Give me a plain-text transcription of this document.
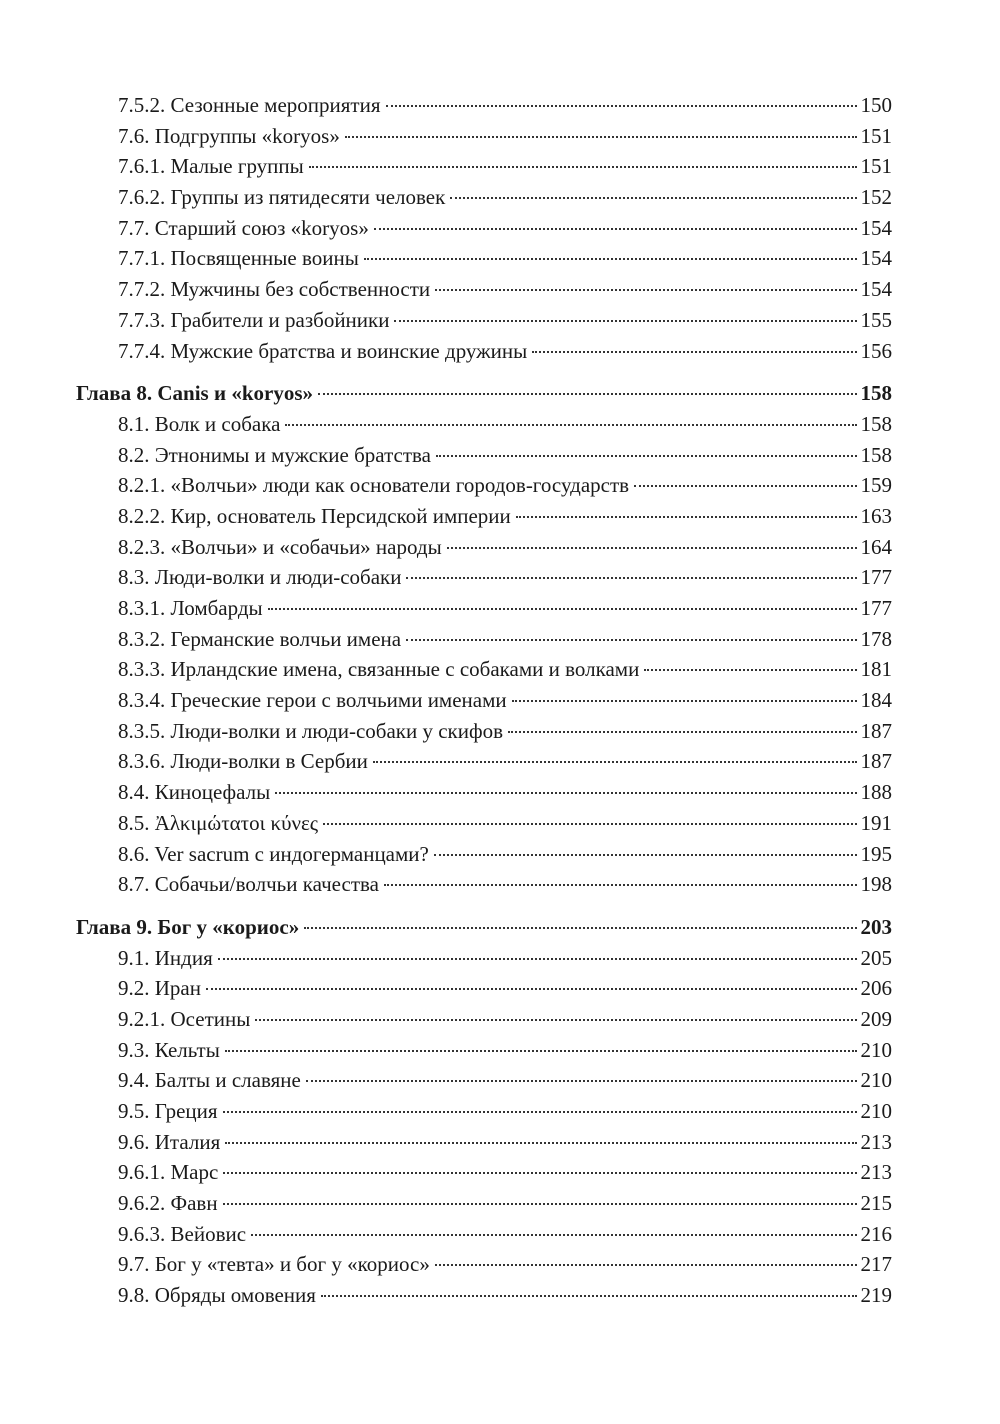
7.5.2. Сезонные мероприятия	150
7.6. Подгруппы «koryos»	151
7.6.1. Малые группы	151
7.6.2. Группы из пятидесяти человек	152
7.7. Старший союз «koryos»	154
7.7.1. Посвященные воины	154
7.7.2. Мужчины без собственности	154
7.7.3. Грабители и разбойники	155
7.7.4. Мужские братства и воинские дружины	156
Глава 8. Canis и «koryos»	158
8.1. Волк и собака	158
8.2. Этнонимы и мужские братства	158
8.2.1. «Волчьи» люди как основатели городов-государств	159
8.2.2. Кир, основатель Персидской империи	163
8.2.3. «Волчьи» и «собачьи» народы	164
8.3. Люди-волки и люди-собаки	177
8.3.1. Ломбарды	177
8.3.2. Германские волчьи имена	178
8.3.3. Ирландские имена, связанные с собаками и волками	181
8.3.4. Греческие герои с волчьими именами	184
8.3.5. Люди-волки и люди-собаки у скифов	187
8.3.6. Люди-волки в Сербии	187
8.4. Киноцефалы	188
8.5. Ἀλκιμώτατοι κύνες	191
8.6. Ver sacrum с индогерманцами?	195
8.7. Собачьи/волчьи качества	198
Глава 9. Бог у «кориос»	203
9.1. Индия	205
9.2. Иран	206
9.2.1. Осетины	209
9.3. Кельты	210
9.4. Балты и славяне	210
9.5. Греция	210
9.6. Италия	213
9.6.1. Марс	213
9.6.2. Фавн	215
9.6.3. Вейовис	216
9.7. Бог у «тевта» и бог у «кориос»	217
9.8. Обряды омовения	219
